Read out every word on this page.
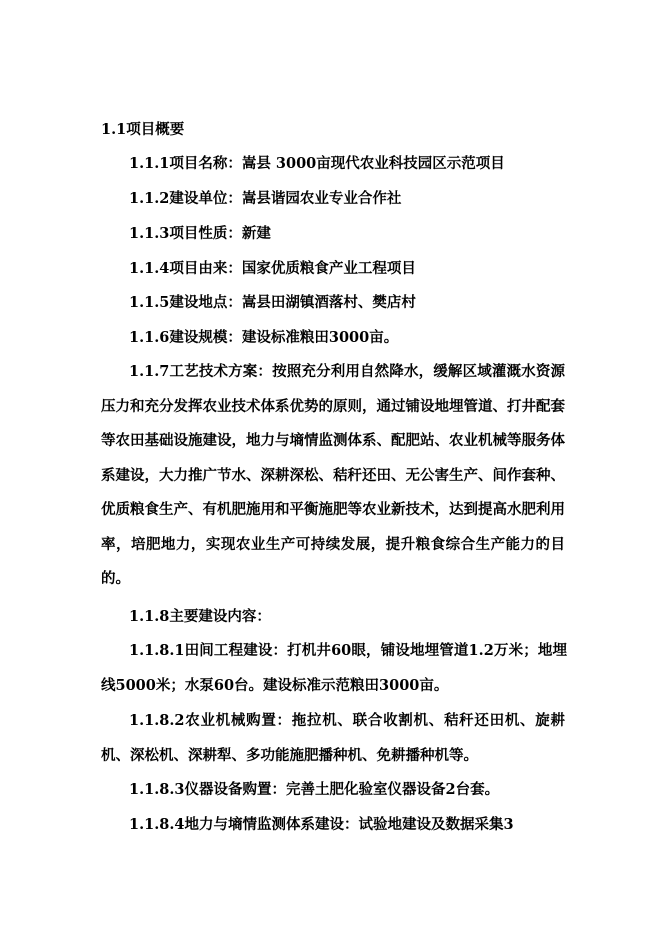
1.1项目概要
1.1.1项目名称：嵩县 3000亩现代农业科技园区示范项目
1.1.2建设单位：嵩县谐园农业专业合作社
1.1.3项目性质：新建
1.1.4项目由来：国家优质粮食产业工程项目
1.1.5建设地点：嵩县田湖镇酒落村、樊店村
1.1.6建设规模：建设标准粮田3000亩。

1.1.7工艺技术方案：按照充分利用自然降水，缓解区域灌溉水资源压力和充分发挥农业技术体系优势的原则，通过铺设地埋管道、打井配套等农田基础设施建设，地力与墒情监测体系、配肥站、农业机械等服务体系建设，大力推广节水、深耕深松、秸秆还田、无公害生产、间作套种、优质粮食生产、有机肥施用和平衡施肥等农业新技术，达到提高水肥利用率，培肥地力，实现农业生产可持续发展，提升粮食综合生产能力的目的。

1.1.8主要建设内容：

1.1.8.1田间工程建设：打机井60眼，铺设地埋管道1.2万米；地埋线5000米；水泵60台。建设标准示范粮田3000亩。

1.1.8.2农业机械购置：拖拉机、联合收割机、秸秆还田机、旋耕机、深松机、深耕犁、多功能施肥播种机、免耕播种机等。

1.1.8.3仪器设备购置：完善土肥化验室仪器设备2台套。
1.1.8.4地力与墒情监测体系建设：试验地建设及数据采集3
